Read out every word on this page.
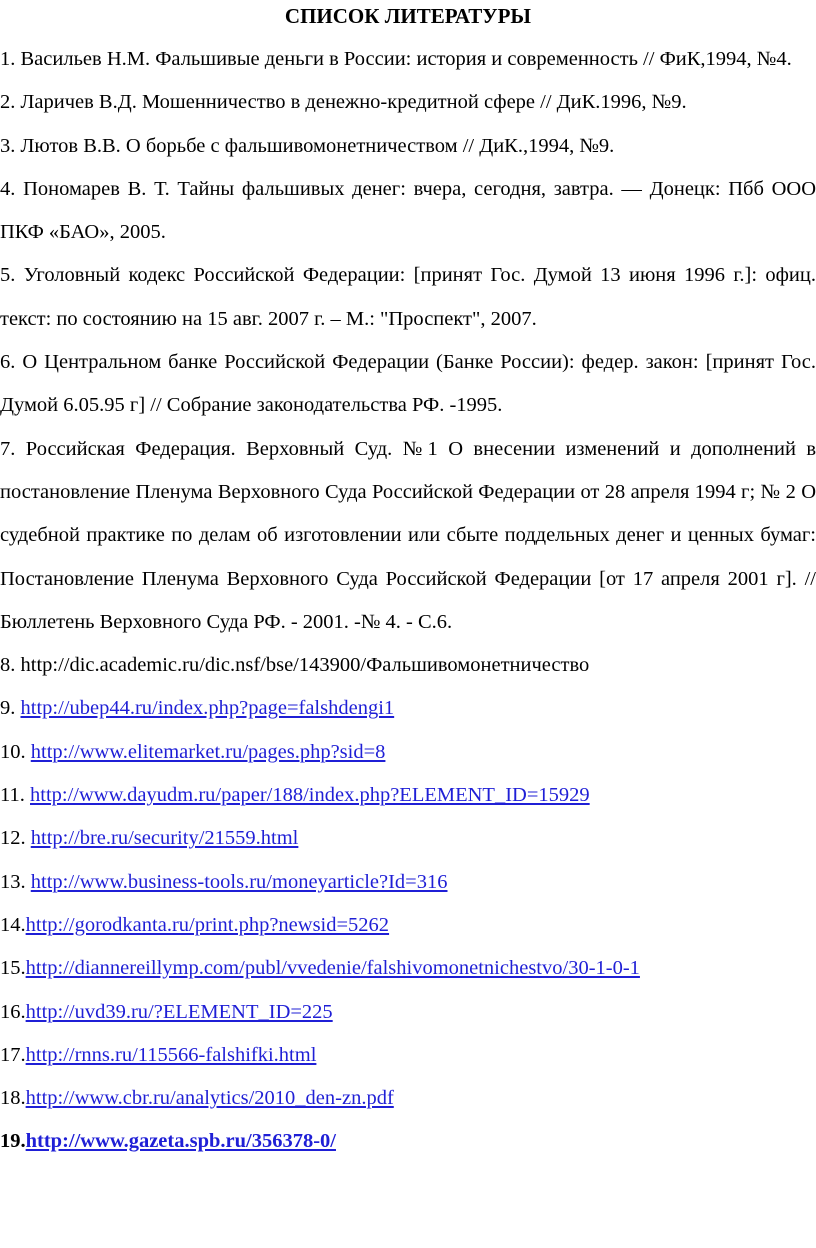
СПИСОК ЛИТЕРАТУРЫ
1. Васильев Н.М. Фальшивые деньги в России: история и современность // ФиК,1994, №4.
2. Ларичев В.Д. Мошенничество в денежно-кредитной сфере // ДиК.1996, №9.
3. Лютов В.В. О борьбе с фальшивомонетничеством // ДиК.,1994, №9.
4. Пономарев В. Т. Тайны фальшивых денег: вчера, сегодня, завтра. — Донецк: Пбб ООО ПКФ «БАО», 2005.
5. Уголовный кодекс Российской Федерации: [принят Гос. Думой 13 июня 1996 г.]: офиц. текст: по состоянию на 15 авг. 2007 г. – М.: "Проспект", 2007.
6. О Центральном банке Российской Федерации (Банке России): федер. закон: [принят Гос. Думой 6.05.95 г] // Собрание законодательства РФ. -1995.
7. Российская Федерация. Верховный Суд. №1 О внесении изменений и дополнений в постановление Пленума Верховного Суда Российской Федерации от 28 апреля 1994 г; № 2 О судебной практике по делам об изготовлении или сбыте поддельных денег и ценных бумаг: Постановление Пленума Верховного Суда Российской Федерации [от 17 апреля 2001 г]. // Бюллетень Верховного Суда РФ. - 2001. -№ 4. - С.6.
8. http://dic.academic.ru/dic.nsf/bse/143900/Фальшивомонетничество
9. http://ubep44.ru/index.php?page=falshdengi1
10. http://www.elitemarket.ru/pages.php?sid=8
11. http://www.dayudm.ru/paper/188/index.php?ELEMENT_ID=15929
12. http://bre.ru/security/21559.html
13. http://www.business-tools.ru/moneyarticle?Id=316
14.http://gorodkanta.ru/print.php?newsid=5262
15.http://diannereillymp.com/publ/vvedenie/falshivomonetnichestvo/30-1-0-1
16.http://uvd39.ru/?ELEMENT_ID=225
17.http://rnns.ru/115566-falshifki.html
18.http://www.cbr.ru/analytics/2010_den-zn.pdf
19.http://www.gazeta.spb.ru/356378-0/
